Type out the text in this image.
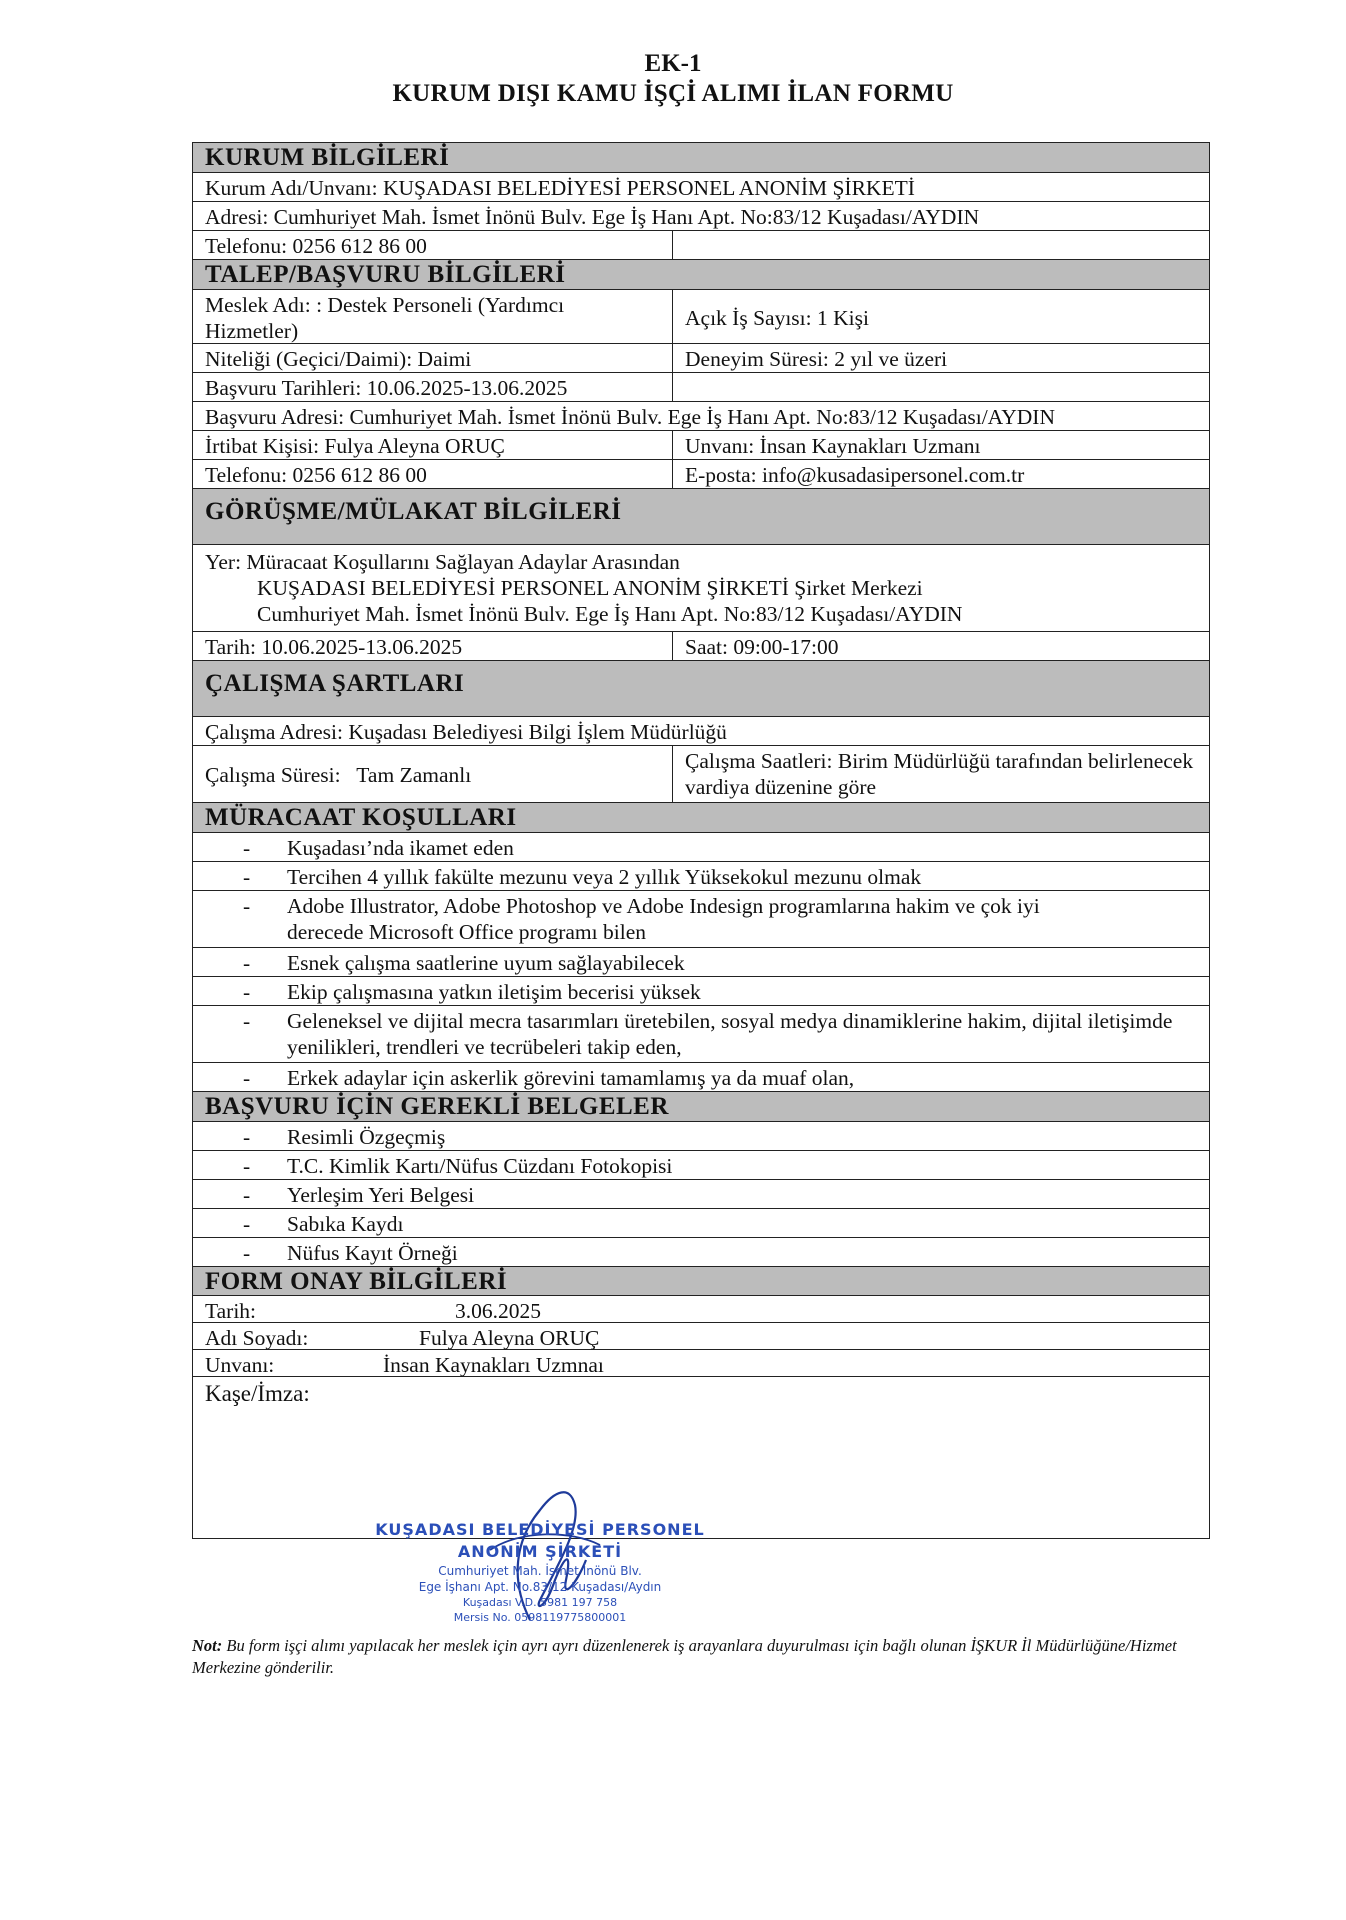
EK-1
KURUM DIŞI KAMU İŞÇİ ALIMI İLAN FORMU
KURUM BİLGİLERİ
Kurum Adı/Unvanı: KUŞADASI BELEDİYESİ PERSONEL ANONİM ŞİRKETİ
Adresi: Cumhuriyet Mah. İsmet İnönü Bulv. Ege İş Hanı Apt. No:83/12 Kuşadası/AYDIN
Telefonu: 0256 612 86 00
TALEP/BAŞVURU BİLGİLERİ
Meslek Adı: : Destek Personeli (Yardımcı Hizmetler)
Açık İş Sayısı: 1 Kişi
Niteliği (Geçici/Daimi): Daimi	Deneyim Süresi: 2 yıl ve üzeri
Başvuru Tarihleri: 10.06.2025-13.06.2025
Başvuru Adresi: Cumhuriyet Mah. İsmet İnönü Bulv. Ege İş Hanı Apt. No:83/12 Kuşadası/AYDIN
İrtibat Kişisi: Fulya Aleyna ORUÇ	Unvanı: İnsan Kaynakları Uzmanı
Telefonu: 0256 612 86 00	E-posta: info@kusadasipersonel.com.tr
GÖRÜŞME/MÜLAKAT BİLGİLERİ
Yer: Müracaat Koşullarını Sağlayan Adaylar Arasından
KUŞADASI BELEDİYESİ PERSONEL ANONİM ŞİRKETİ Şirket Merkezi
Cumhuriyet Mah. İsmet İnönü Bulv. Ege İş Hanı Apt. No:83/12 Kuşadası/AYDIN
Tarih: 10.06.2025-13.06.2025	Saat: 09:00-17:00
ÇALIŞMA ŞARTLARI
Çalışma Adresi: Kuşadası Belediyesi Bilgi İşlem Müdürlüğü
Çalışma Süresi:   Tam Zamanlı
Çalışma Saatleri: Birim Müdürlüğü tarafından belirlenecek vardiya düzenine göre
MÜRACAAT KOŞULLARI
- Kuşadası’nda ikamet eden
- Tercihen 4 yıllık fakülte mezunu veya 2 yıllık Yüksekokul mezunu olmak
- Adobe Illustrator, Adobe Photoshop ve Adobe Indesign programlarına hakim ve çok iyi derecede Microsoft Office programı bilen
- Esnek çalışma saatlerine uyum sağlayabilecek
- Ekip çalışmasına yatkın iletişim becerisi yüksek
- Geleneksel ve dijital mecra tasarımları üretebilen, sosyal medya dinamiklerine hakim, dijital iletişimde yenilikleri, trendleri ve tecrübeleri takip eden,
- Erkek adaylar için askerlik görevini tamamlamış ya da muaf olan,
BAŞVURU İÇİN GEREKLİ BELGELER
- Resimli Özgeçmiş
- T.C. Kimlik Kartı/Nüfus Cüzdanı Fotokopisi
- Yerleşim Yeri Belgesi
- Sabıka Kaydı
- Nüfus Kayıt Örneği
FORM ONAY BİLGİLERİ
Tarih:	3.06.2025
Adı Soyadı:	Fulya Aleyna ORUÇ
Unvanı:	İnsan Kaynakları Uzmnaı
Kaşe/İmza:
KUŞADASI BELEDİYESİ PERSONEL
ANONİM ŞİRKETİ
Cumhuriyet Mah. İsmet İnönü Blv.
Ege İşhanı Apt. No.83/12 Kuşadası/Aydın
Kuşadası V.D. 5981 197 758
Mersis No. 0598119775800001
Not: Bu form işçi alımı yapılacak her meslek için ayrı ayrı düzenlenerek iş arayanlara duyurulması için bağlı olunan İŞKUR İl Müdürlüğüne/Hizmet Merkezine gönderilir.
